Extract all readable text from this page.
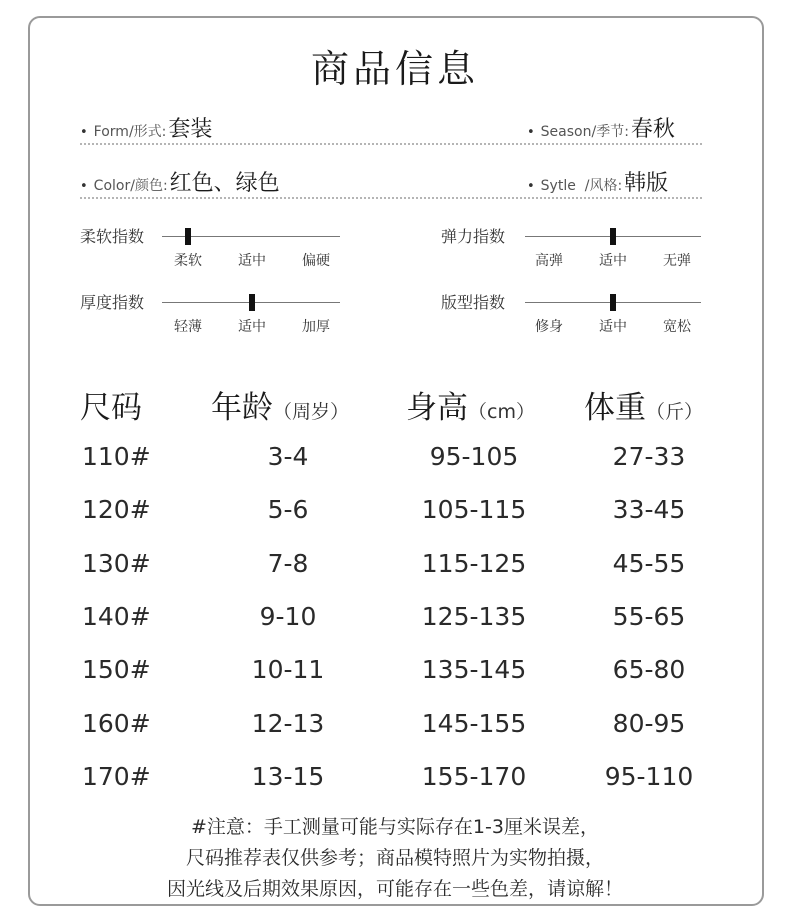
商品信息
• Form/形式: 套装	• Season/季节: 春秋
• Color/颜色: 红色、绿色	• Sytle  /风格: 韩版
柔软指数
柔软	适中	偏硬
弹力指数
高弹	适中	无弹
厚度指数
轻薄	适中	加厚
版型指数
修身	适中	宽松
尺码 年龄（周岁） 身高（cm） 体重（斤）
110#	3-4	95-105	27-33
120#	5-6	105-115	33-45
130#	7-8	115-125	45-55
140#	9-10	125-135	55-65
150#	10-11	135-145	65-80
160#	12-13	145-155	80-95
170#	13-15	155-170	95-110
#注意：手工测量可能与实际存在1-3厘米误差，
尺码推荐表仅供参考；商品模特照片为实物拍摄，
因光线及后期效果原因，可能存在一些色差，请谅解！
